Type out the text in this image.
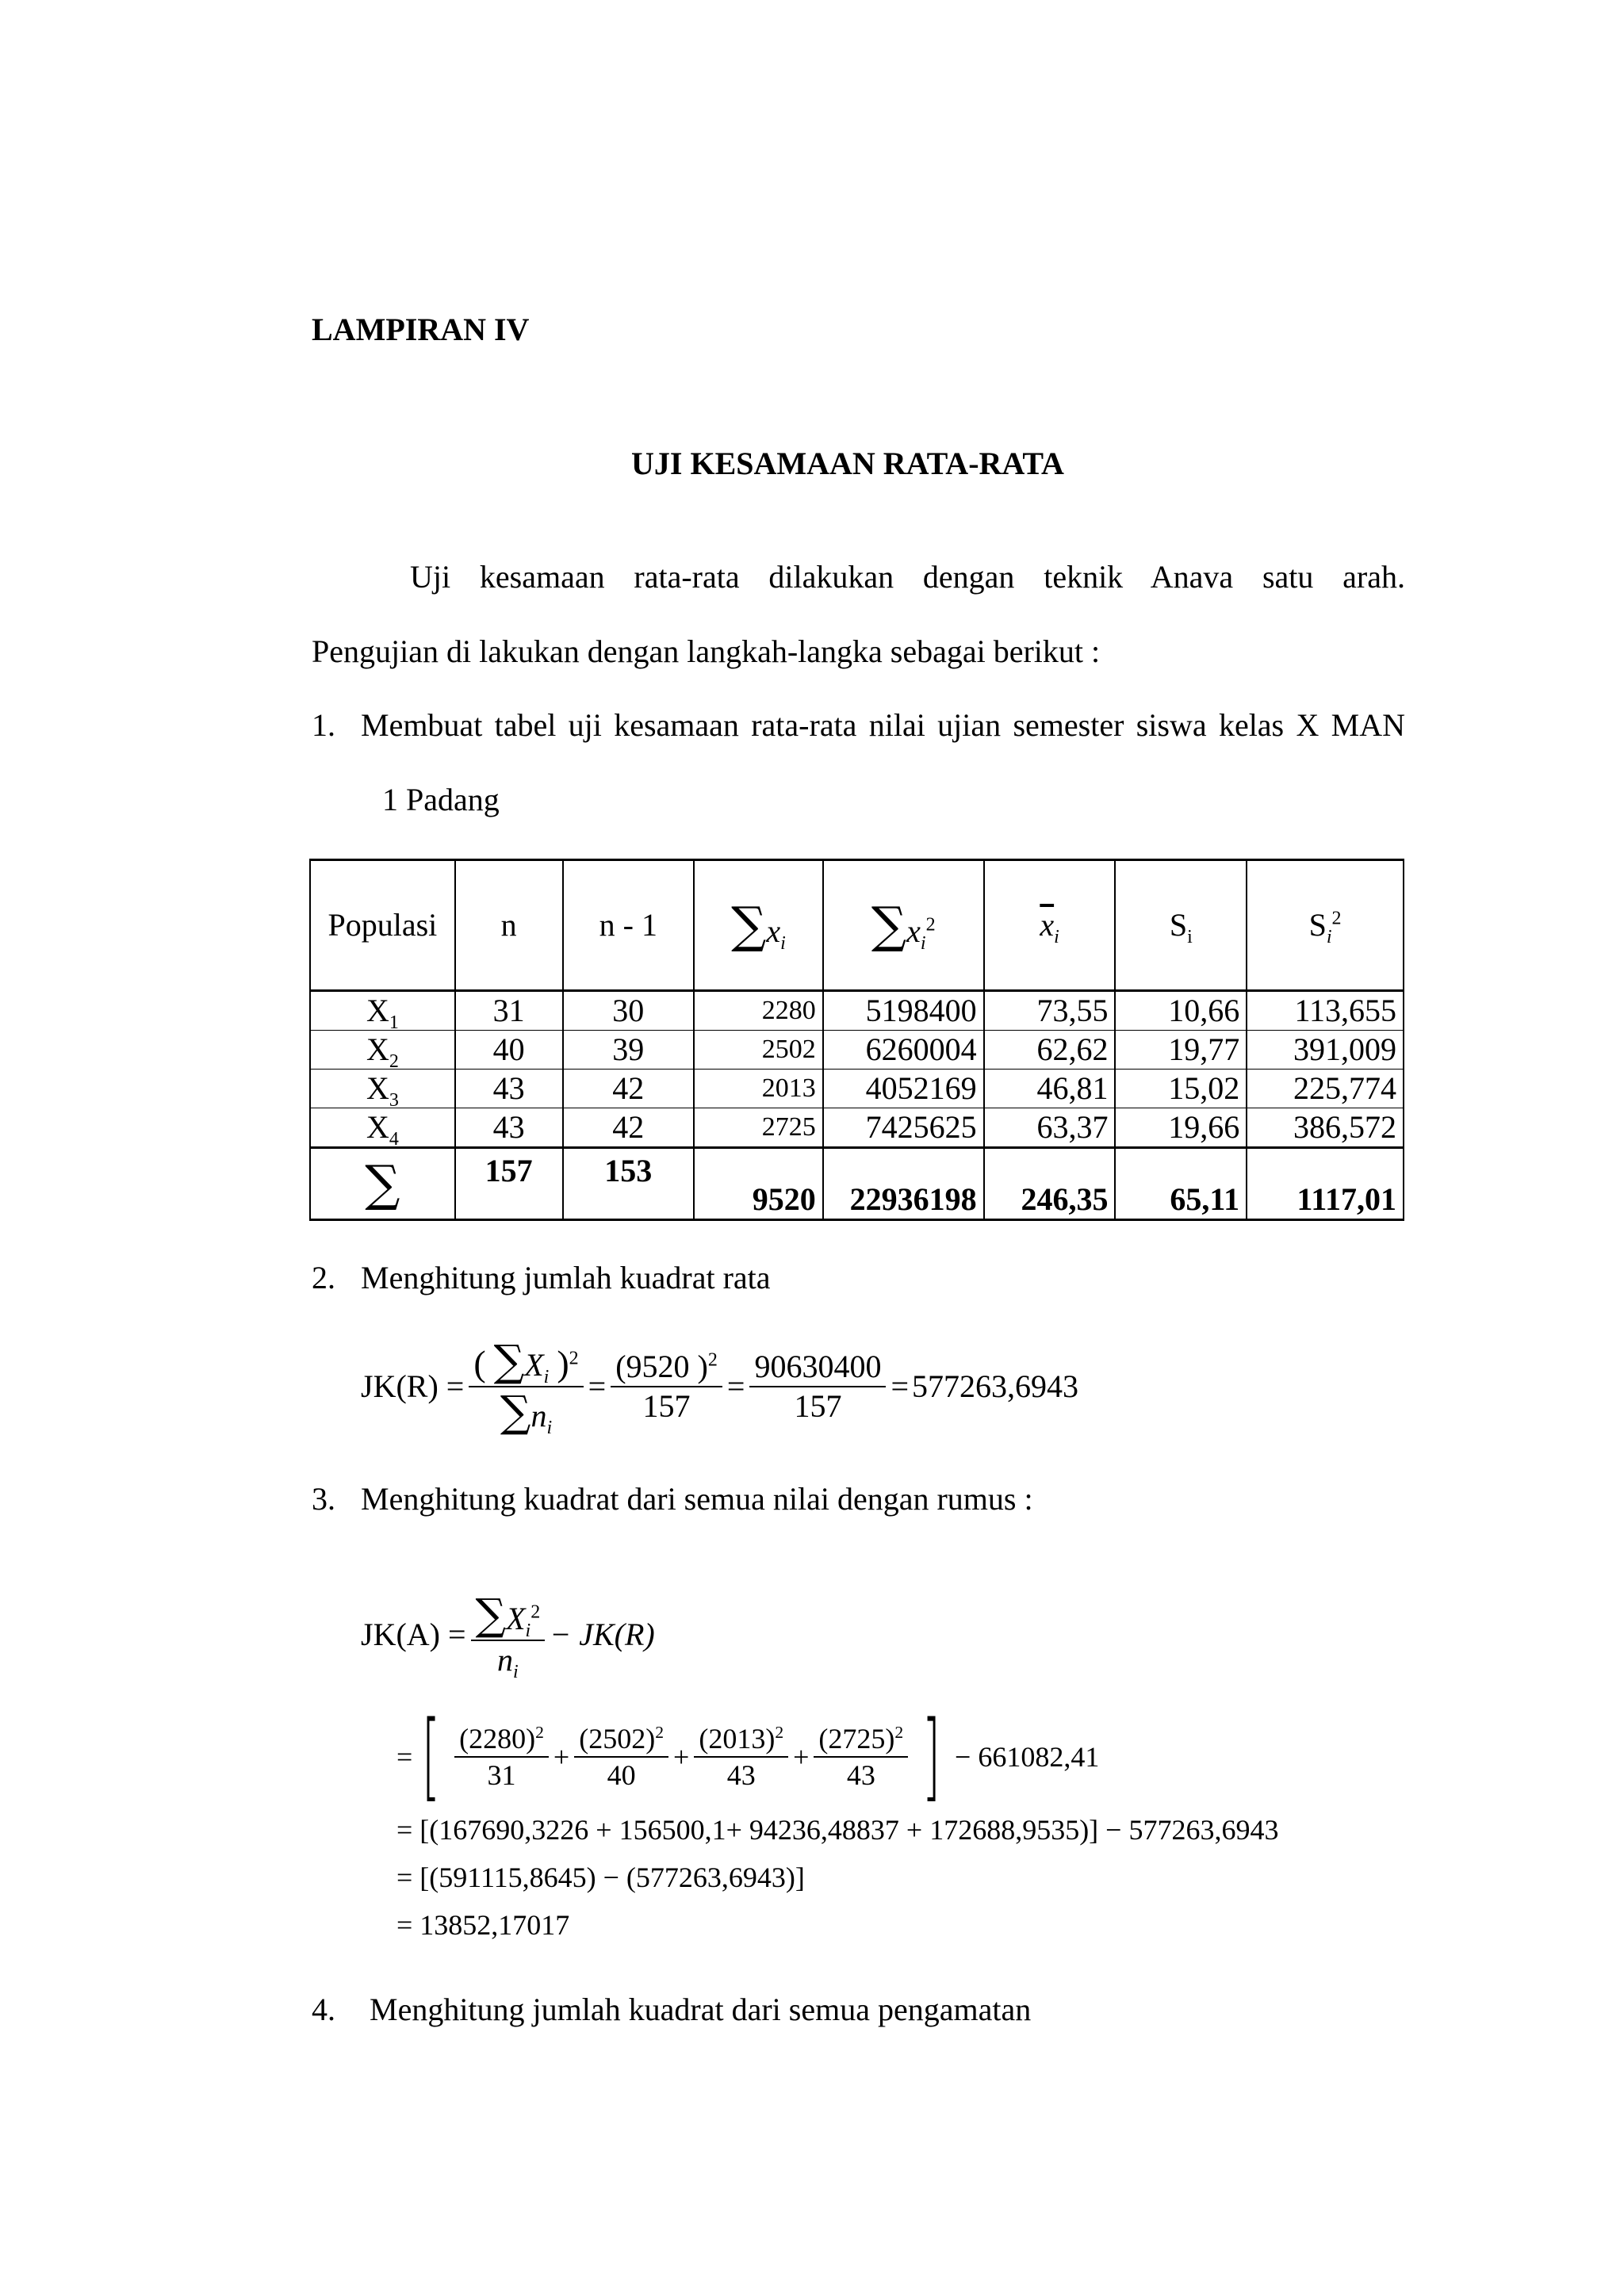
LAMPIRAN IV
UJI KESAMAAN RATA-RATA
Uji kesamaan rata-rata dilakukan dengan teknik Anava satu arah.
Pengujian di lakukan dengan langkah-langka sebagai berikut :
1. Membuat tabel uji kesamaan rata-rata nilai ujian semester siswa kelas X MAN
1 Padang
Populasi	n	n - 1	$\sum x_i$	$\sum x_i^2$	$\overline{x}_i$	$S_i$	$S_i^2$
$X_1$	31	30	2280	5198400	73,55	10,66	113,655
$X_2$	40	39	2502	6260004	62,62	19,77	391,009
$X_3$	43	42	2013	4052169	46,81	15,02	225,774
$X_4$	43	42	2725	7425625	63,37	19,66	386,572
∑	157	153	9520	22936198	246,35	65,11	1117,01
2. Menghitung jumlah kuadrat rata
$JK(R) = \frac{( \sum X_i )^2}{\sum n_i} = \frac{(9520 )^2}{157} = \frac{90630400}{157} = 577263,6943$
3. Menghitung kuadrat dari semua nilai dengan rumus :
$JK(A) = \frac{\sum X_i^2}{n_i} - JK(R)$
= [ $\frac{(2280)^2}{31} + \frac{(2502)^2}{40} + \frac{(2013)^2}{43} + \frac{(2725)^2}{43}$ ] − 661082,41
= [(167690,3226 + 156500,1+ 94236,48837 + 172688,9535)] − 577263,6943
= [(591115,8645) − (577263,6943)]
= 13852,17017
4. Menghitung jumlah kuadrat dari semua pengamatan
